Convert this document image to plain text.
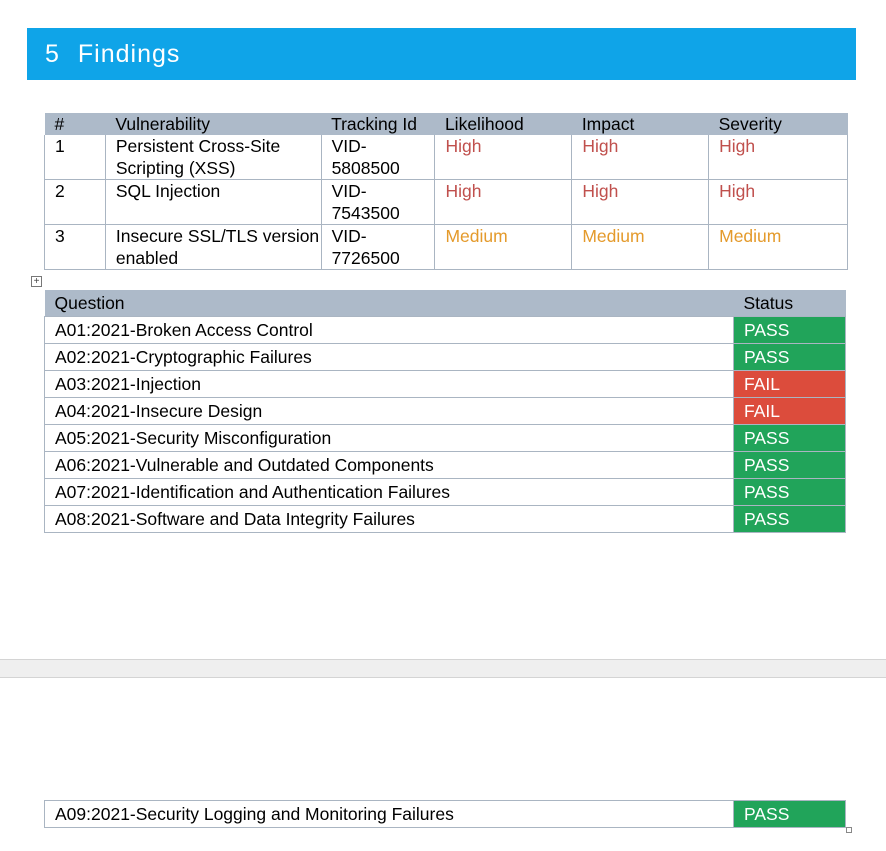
5 Findings
#	Vulnerability	Tracking Id	Likelihood	Impact	Severity
1	Persistent Cross-Site Scripting (XSS)	VID-5808500	High	High	High
2	SQL Injection	VID-7543500	High	High	High
3	Insecure SSL/TLS version enabled	VID-7726500	Medium	Medium	Medium
+
Question	Status
A01:2021-Broken Access Control	PASS
A02:2021-Cryptographic Failures	PASS
A03:2021-Injection	FAIL
A04:2021-Insecure Design	FAIL
A05:2021-Security Misconfiguration	PASS
A06:2021-Vulnerable and Outdated Components	PASS
A07:2021-Identification and Authentication Failures	PASS
A08:2021-Software and Data Integrity Failures	PASS
A09:2021-Security Logging and Monitoring Failures	PASS
